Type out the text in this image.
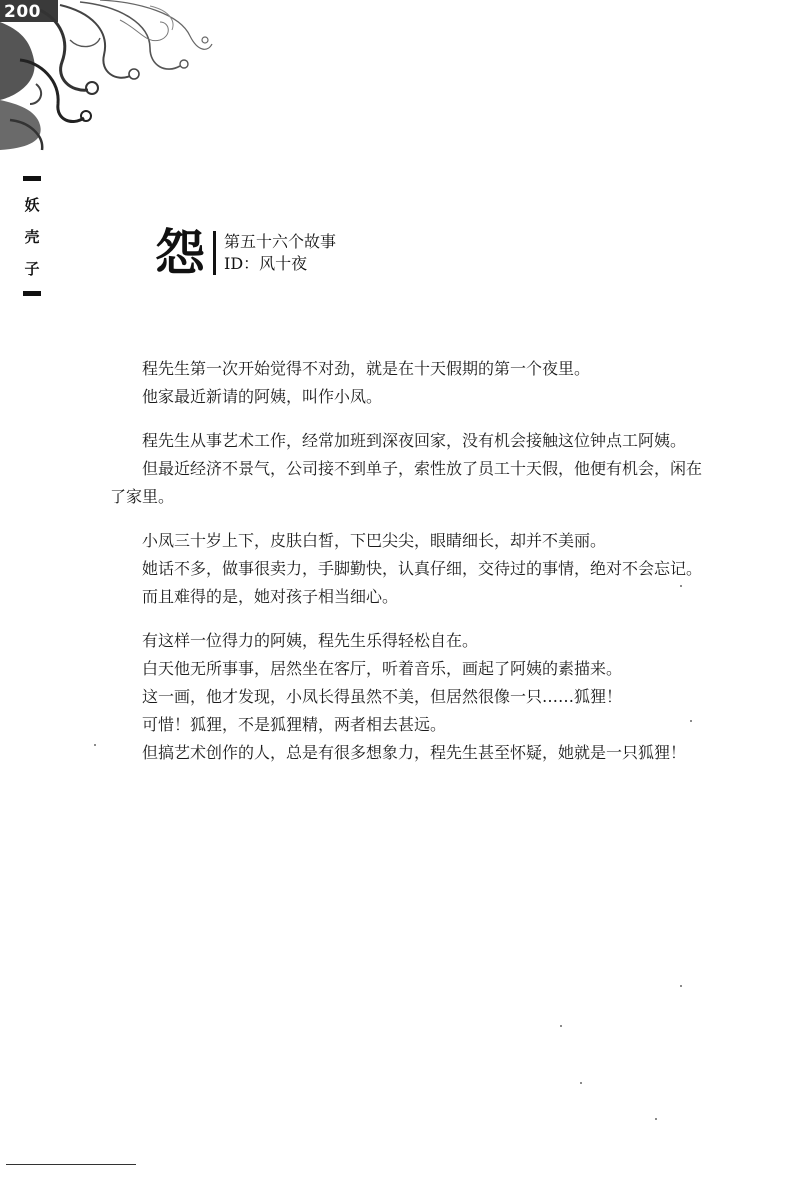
200
妖
壳
子 怨 第五十六个故事
ID：风十夜

程先生第一次开始觉得不对劲，就是在十天假期的第一个夜里。

他家最近新请的阿姨，叫作小凤。

程先生从事艺术工作，经常加班到深夜回家，没有机会接触这位钟点工阿姨。

但最近经济不景气，公司接不到单子，索性放了员工十天假，他便有机会，闲在了家里。

小凤三十岁上下，皮肤白皙，下巴尖尖，眼睛细长，却并不美丽。

她话不多，做事很卖力，手脚勤快，认真仔细，交待过的事情，绝对不会忘记。

而且难得的是，她对孩子相当细心。

有这样一位得力的阿姨，程先生乐得轻松自在。

白天他无所事事，居然坐在客厅，听着音乐，画起了阿姨的素描来。

这一画，他才发现，小凤长得虽然不美，但居然很像一只……狐狸！

可惜！狐狸，不是狐狸精，两者相去甚远。

但搞艺术创作的人，总是有很多想象力，程先生甚至怀疑，她就是一只狐狸！
